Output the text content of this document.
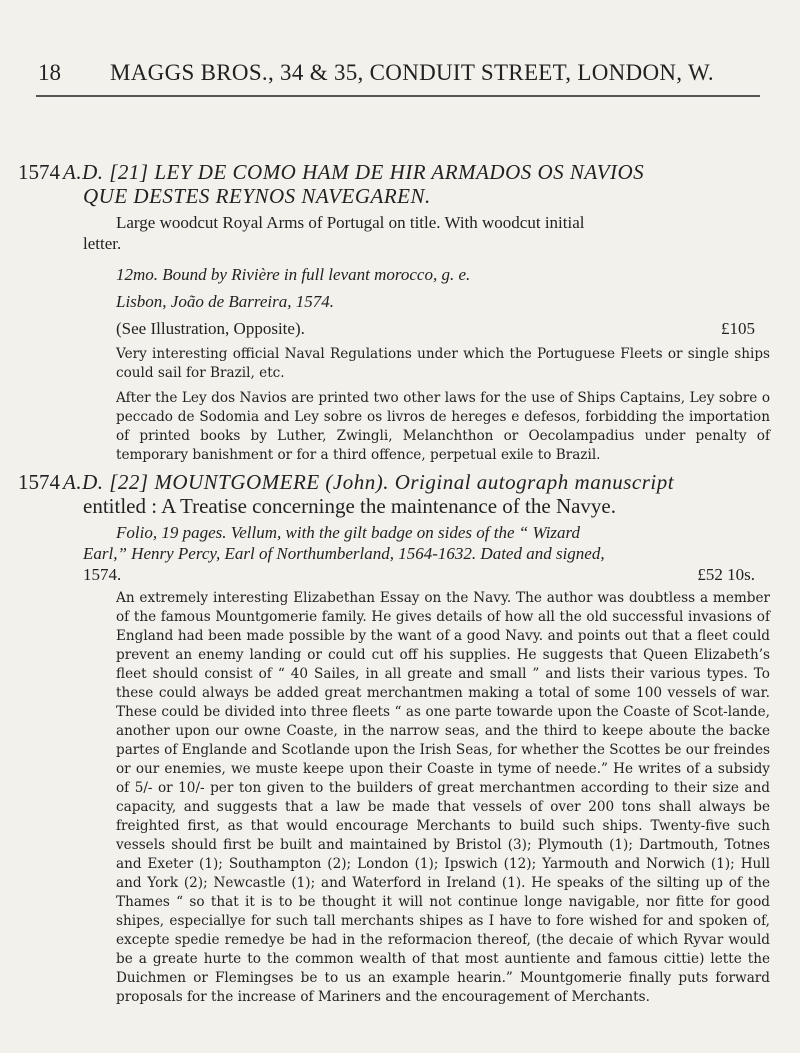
18 MAGGS BROS., 34 & 35, CONDUIT STREET, LONDON, W.
1574 A.D. [21] LEY DE COMO HAM DE HIR ARMADOS OS NAVIOS
QUE DESTES REYNOS NAVEGAREN.
Large woodcut Royal Arms of Portugal on title. With woodcut initial
letter.
12mo. Bound by Rivière in full levant morocco, g. e.
Lisbon, João de Barreira, 1574.
(See Illustration, Opposite).	£105
Very interesting official Naval Regulations under which the Portuguese Fleets or single ships could sail for Brazil, etc.
After the Ley dos Navios are printed two other laws for the use of Ships Captains, Ley sobre o peccado de Sodomia and Ley sobre os livros de hereges e defesos, forbidding the importation of printed books by Luther, Zwingli, Melanchthon or Oecolampadius under penalty of temporary banishment or for a third offence, perpetual exile to Brazil.
1574 A.D. [22] MOUNTGOMERE (John). Original autograph manuscript
entitled : A Treatise concerninge the maintenance of the Navye.
Folio, 19 pages. Vellum, with the gilt badge on sides of the “ Wizard
Earl,” Henry Percy, Earl of Northumberland, 1564-1632. Dated and signed,
1574.	£52 10s.
An extremely interesting Elizabethan Essay on the Navy. The author was doubtless a member of the famous Mountgomerie family. He gives details of how all the old successful invasions of England had been made possible by the want of a good Navy. and points out that a fleet could prevent an enemy landing or could cut off his supplies. He suggests that Queen Elizabeth’s fleet should consist of “ 40 Sailes, in all greate and small ” and lists their various types. To these could always be added great merchantmen making a total of some 100 vessels of war. These could be divided into three fleets “ as one parte towarde upon the Coaste of Scot-lande, another upon our owne Coaste, in the narrow seas, and the third to keepe aboute the backe partes of Englande and Scotlande upon the Irish Seas, for whether the Scottes be our freindes or our enemies, we muste keepe upon their Coaste in tyme of neede.” He writes of a subsidy of 5/- or 10/- per ton given to the builders of great merchantmen according to their size and capacity, and suggests that a law be made that vessels of over 200 tons shall always be freighted first, as that would encourage Merchants to build such ships. Twenty-five such vessels should first be built and maintained by Bristol (3); Plymouth (1); Dartmouth, Totnes and Exeter (1); Southampton (2); London (1); Ipswich (12); Yarmouth and Norwich (1); Hull and York (2); Newcastle (1); and Waterford in Ireland (1). He speaks of the silting up of the Thames “ so that it is to be thought it will not continue longe navigable, nor fitte for good shipes, especiallye for such tall merchants shipes as I have to fore wished for and spoken of, excepte spedie remedye be had in the reformacion thereof, (the decaie of which Ryvar would be a greate hurte to the common wealth of that most auntiente and famous cittie) lette the Duichmen or Flemingses be to us an example hearin.” Mountgomerie finally puts forward proposals for the increase of Mariners and the encouragement of Merchants.
